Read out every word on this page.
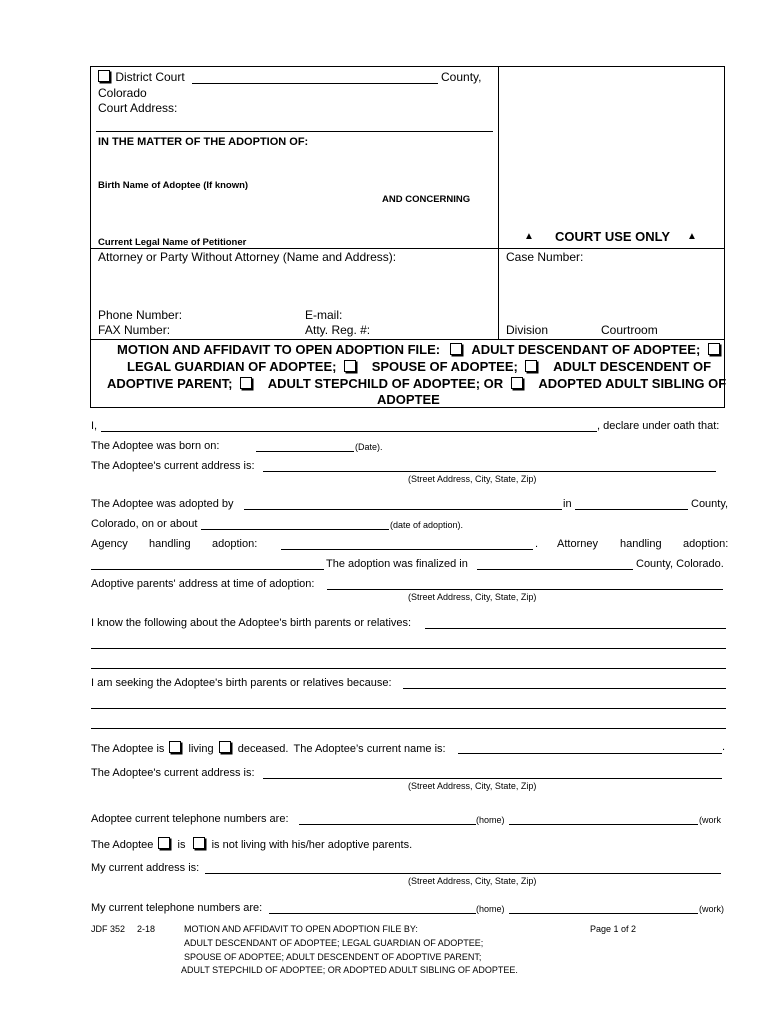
District Court	County,
Colorado
Court Address:
IN THE MATTER OF THE ADOPTION OF:
Birth Name of Adoptee (If known)
AND CONCERNING
Current Legal Name of Petitioner
▲ COURT USE ONLY ▲
Attorney or Party Without Attorney (Name and Address):
Phone Number:	E-mail:
FAX Number:	Atty. Reg. #:
Case Number:
Division	Courtroom
MOTION AND AFFIDAVIT TO OPEN ADOPTION FILE: ADULT DESCENDANT OF ADOPTEE;
LEGAL GUARDIAN OF ADOPTEE;	SPOUSE OF ADOPTEE;	ADULT DESCENDENT OF
ADOPTIVE PARENT;	ADULT STEPCHILD OF ADOPTEE; OR	ADOPTED ADULT SIBLING OF
ADOPTEE
I,	, declare under oath that:
The Adoptee was born on:	(Date).
The Adoptee's current address is:
(Street Address, City, State, Zip)
The Adoptee was adopted by	in	County,
Colorado, on or about	(date of adoption).
Agency handling adoption:	. Attorney handling adoption:
The adoption was finalized in	County, Colorado.
Adoptive parents' address at time of adoption:
(Street Address, City, State, Zip)
I know the following about the Adoptee's birth parents or relatives:
I am seeking the Adoptee's birth parents or relatives because:
The Adoptee is living deceased. The Adoptee’s current name is:	.
The Adoptee's current address is:
(Street Address, City, State, Zip)
Adoptee current telephone numbers are:	(home)	(work
The Adoptee is is not living with his/her adoptive parents.
My current address is:
(Street Address, City, State, Zip)
My current telephone numbers are:	(home)	(work)
JDF 352 2-18	MOTION AND AFFIDAVIT TO OPEN ADOPTION FILE BY:
ADULT DESCENDANT OF ADOPTEE; LEGAL GUARDIAN OF ADOPTEE;
SPOUSE OF ADOPTEE; ADULT DESCENDENT OF ADOPTIVE PARENT;
ADULT STEPCHILD OF ADOPTEE; OR ADOPTED ADULT SIBLING OF ADOPTEE.
Page 1 of 2
